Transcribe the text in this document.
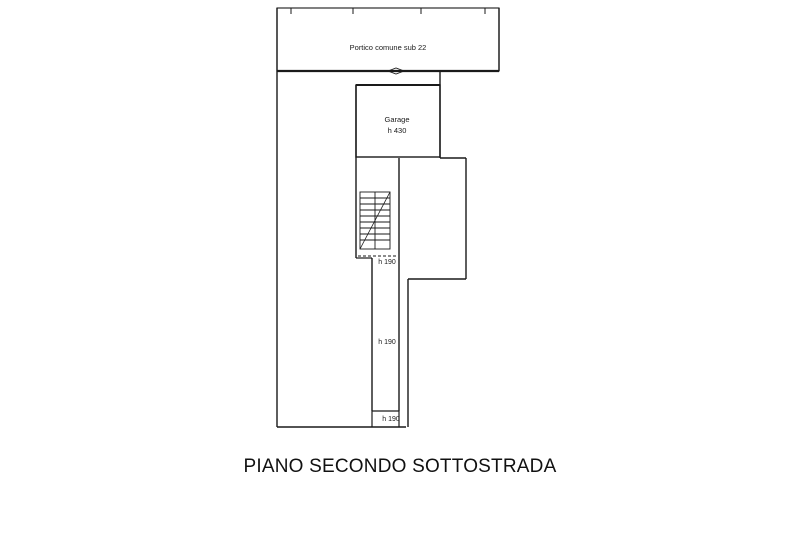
Portico comune sub 22
Garage
h 430
h 190
h 190
h 190
PIANO SECONDO SOTTOSTRADA
